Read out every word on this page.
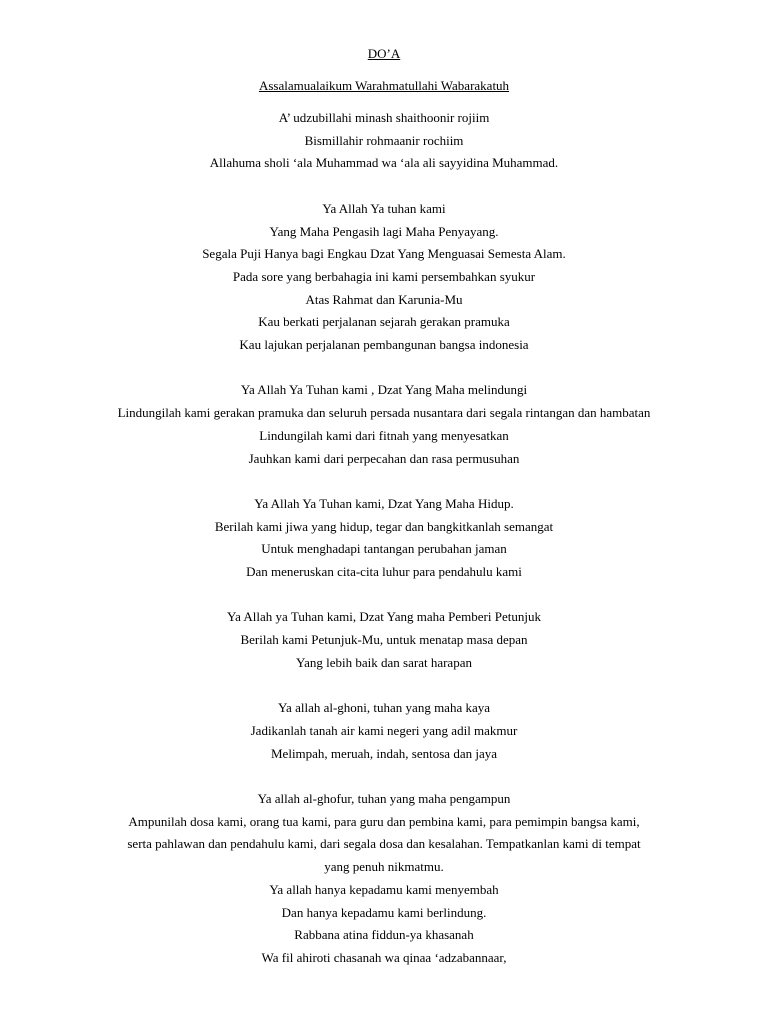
DO’A
Assalamualaikum Warahmatullahi Wabarakatuh
A’ udzubillahi minash shaithoonir rojiim
Bismillahir rohmaanir rochiim
Allahuma sholi ‘ala Muhammad wa ‘ala ali sayyidina Muhammad.
Ya Allah Ya tuhan kami
Yang Maha Pengasih lagi Maha Penyayang.
Segala Puji Hanya bagi Engkau Dzat Yang Menguasai Semesta Alam.
Pada sore yang berbahagia ini kami persembahkan syukur
Atas Rahmat dan Karunia-Mu
Kau berkati perjalanan sejarah gerakan pramuka
Kau lajukan perjalanan pembangunan bangsa indonesia
Ya Allah Ya Tuhan kami , Dzat Yang Maha melindungi
Lindungilah kami gerakan pramuka dan seluruh persada nusantara dari segala rintangan dan hambatan
Lindungilah kami dari fitnah yang menyesatkan
Jauhkan kami dari perpecahan dan rasa permusuhan
Ya Allah Ya Tuhan kami, Dzat Yang Maha Hidup.
Berilah kami jiwa yang hidup, tegar dan bangkitkanlah semangat
Untuk menghadapi tantangan perubahan jaman
Dan meneruskan cita-cita luhur para pendahulu kami
Ya Allah ya Tuhan kami, Dzat Yang maha Pemberi Petunjuk
Berilah kami Petunjuk-Mu, untuk menatap masa depan
Yang lebih baik dan sarat harapan
Ya allah al-ghoni, tuhan yang maha kaya
Jadikanlah tanah air kami negeri yang adil makmur
Melimpah, meruah, indah, sentosa dan jaya
Ya allah al-ghofur, tuhan yang maha pengampun
Ampunilah dosa kami, orang tua kami, para guru dan pembina kami, para pemimpin bangsa kami,
serta pahlawan dan pendahulu kami, dari segala dosa dan kesalahan. Tempatkanlan kami di tempat
yang penuh nikmatmu.
Ya allah hanya kepadamu kami menyembah
Dan hanya kepadamu kami berlindung.
Rabbana atina fiddun-ya khasanah
Wa fil ahiroti chasanah wa qinaa ‘adzabannaar,
